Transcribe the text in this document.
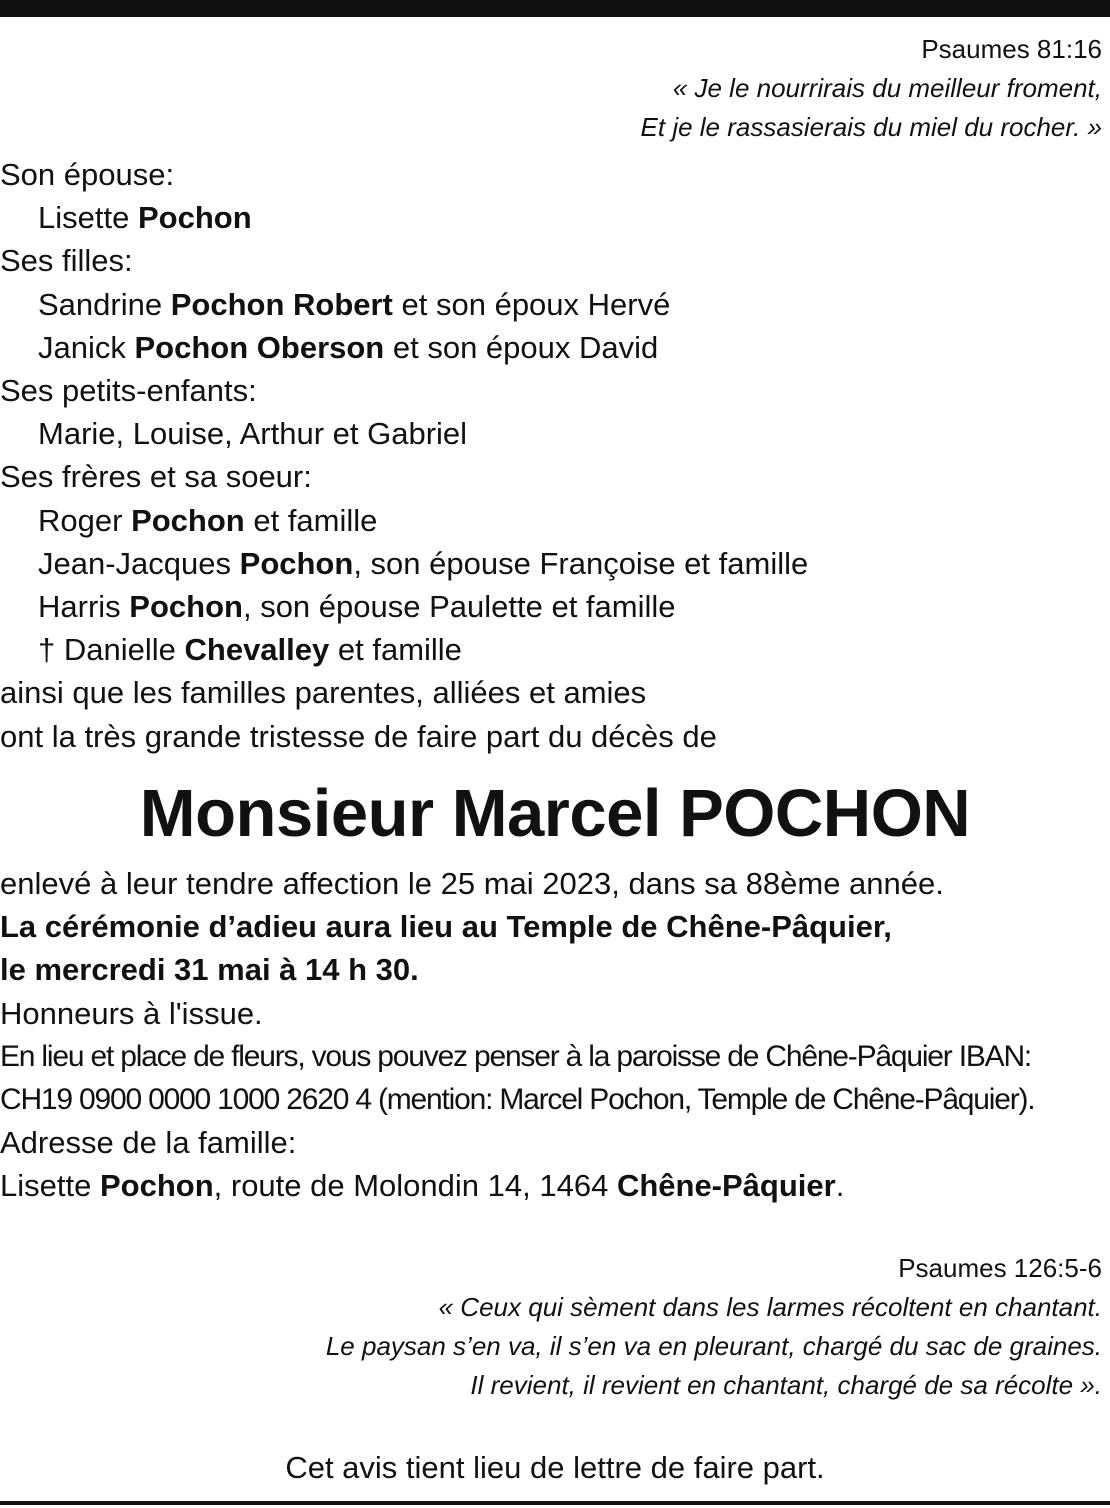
Psaumes 81:16
« Je le nourrirais du meilleur froment,
Et je le rassasierais du miel du rocher. »
Son épouse:
Lisette Pochon
Ses filles:
Sandrine Pochon Robert et son époux Hervé
Janick Pochon Oberson et son époux David
Ses petits-enfants:
Marie, Louise, Arthur et Gabriel
Ses frères et sa soeur:
Roger Pochon et famille
Jean-Jacques Pochon, son épouse Françoise et famille
Harris Pochon, son épouse Paulette et famille
† Danielle Chevalley et famille
ainsi que les familles parentes, alliées et amies
ont la très grande tristesse de faire part du décès de
Monsieur Marcel POCHON
enlevé à leur tendre affection le 25 mai 2023, dans sa 88ème année.
La cérémonie d’adieu aura lieu au Temple de Chêne-Pâquier,
le mercredi 31 mai à 14 h 30.
Honneurs à l'issue.
En lieu et place de fleurs, vous pouvez penser à la paroisse de Chêne-Pâquier IBAN:
CH19 0900 0000 1000 2620 4 (mention: Marcel Pochon, Temple de Chêne-Pâquier).
Adresse de la famille:
Lisette Pochon, route de Molondin 14, 1464 Chêne-Pâquier.
Psaumes 126:5-6
« Ceux qui sèment dans les larmes récoltent en chantant.
Le paysan s’en va, il s’en va en pleurant, chargé du sac de graines.
Il revient, il revient en chantant, chargé de sa récolte ».
Cet avis tient lieu de lettre de faire part.
